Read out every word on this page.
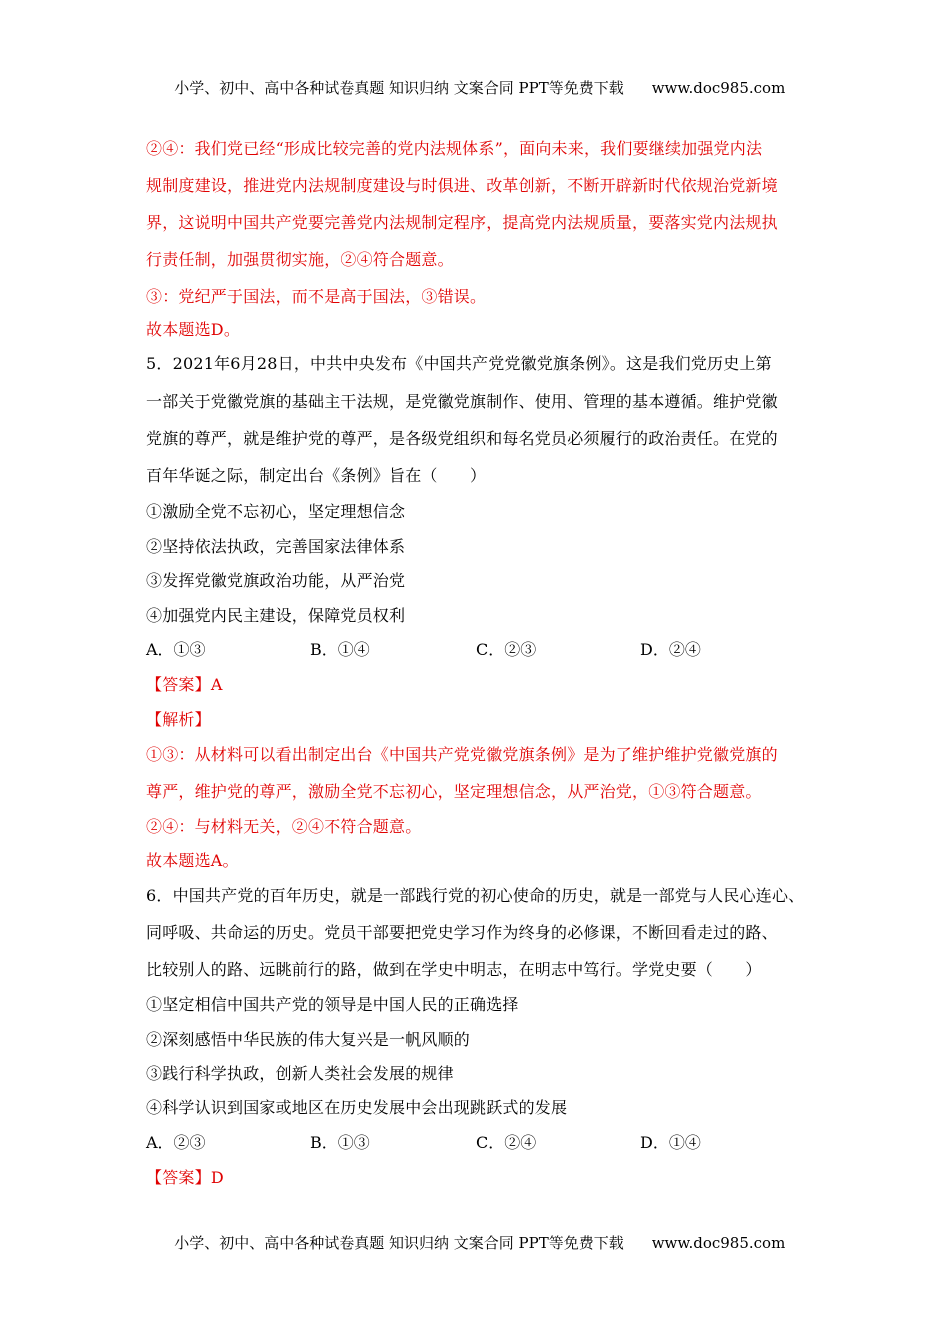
小学、初中、高中各种试卷真题 知识归纳 文案合同 PPT等免费下载 www.doc985.com

②④：我们党已经“形成比较完善的党内法规体系”，面向未来，我们要继续加强党内法
规制度建设，推进党内法规制度建设与时俱进、改革创新，不断开辟新时代依规治党新境
界，这说明中国共产党要完善党内法规制定程序，提高党内法规质量，要落实党内法规执
行责任制，加强贯彻实施，②④符合题意。
③：党纪严于国法，而不是高于国法，③错误。
故本题选D。
5．2021年6月28日，中共中央发布《中国共产党党徽党旗条例》。这是我们党历史上第
一部关于党徽党旗的基础主干法规，是党徽党旗制作、使用、管理的基本遵循。维护党徽
党旗的尊严，就是维护党的尊严，是各级党组织和每名党员必须履行的政治责任。在党的
百年华诞之际，制定出台《条例》旨在（　　）
①激励全党不忘初心，坚定理想信念
②坚持依法执政，完善国家法律体系
③发挥党徽党旗政治功能，从严治党
④加强党内民主建设，保障党员权利
A．①③	B．①④	C．②③	D．②④
【答案】A
【解析】
①③：从材料可以看出制定出台《中国共产党党徽党旗条例》是为了维护维护党徽党旗的
尊严，维护党的尊严，激励全党不忘初心，坚定理想信念，从严治党，①③符合题意。
②④：与材料无关，②④不符合题意。
故本题选A。
6．中国共产党的百年历史，就是一部践行党的初心使命的历史，就是一部党与人民心连心、
同呼吸、共命运的历史。党员干部要把党史学习作为终身的必修课，不断回看走过的路、
比较别人的路、远眺前行的路，做到在学史中明志，在明志中笃行。学党史要（　　）
①坚定相信中国共产党的领导是中国人民的正确选择
②深刻感悟中华民族的伟大复兴是一帆风顺的
③践行科学执政，创新人类社会发展的规律
④科学认识到国家或地区在历史发展中会出现跳跃式的发展
A．②③	B．①③	C．②④	D．①④
【答案】D

小学、初中、高中各种试卷真题 知识归纳 文案合同 PPT等免费下载 www.doc985.com
